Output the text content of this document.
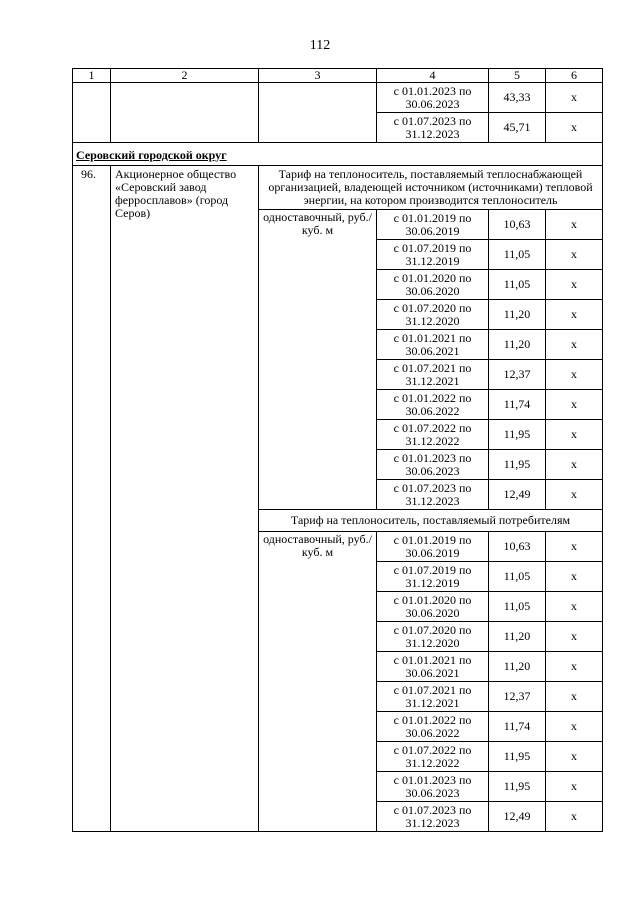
112
1	2	3	4	5	6
			с 01.01.2023 по 30.06.2023	43,33	х
			с 01.07.2023 по 31.12.2023	45,71	х
Серовский городской округ					
96.	Акционерное общество «Серовский завод ферросплавов» (город Серов)	Тариф на теплоноситель, поставляемый теплоснабжающей организацией, владеющей источником (источниками) тепловой энергии, на котором производится теплоноситель			
		одноставочный, руб./куб. м	с 01.01.2019 по 30.06.2019	10,63	х
			с 01.07.2019 по 31.12.2019	11,05	х
			с 01.01.2020 по 30.06.2020	11,05	х
			с 01.07.2020 по 31.12.2020	11,20	х
			с 01.01.2021 по 30.06.2021	11,20	х
			с 01.07.2021 по 31.12.2021	12,37	х
			с 01.01.2022 по 30.06.2022	11,74	х
			с 01.07.2022 по 31.12.2022	11,95	х
			с 01.01.2023 по 30.06.2023	11,95	х
			с 01.07.2023 по 31.12.2023	12,49	х
		Тариф на теплоноситель, поставляемый потребителям			
		одноставочный, руб./куб. м	с 01.01.2019 по 30.06.2019	10,63	х
			с 01.07.2019 по 31.12.2019	11,05	х
			с 01.01.2020 по 30.06.2020	11,05	х
			с 01.07.2020 по 31.12.2020	11,20	х
			с 01.01.2021 по 30.06.2021	11,20	х
			с 01.07.2021 по 31.12.2021	12,37	х
			с 01.01.2022 по 30.06.2022	11,74	х
			с 01.07.2022 по 31.12.2022	11,95	х
			с 01.01.2023 по 30.06.2023	11,95	х
			с 01.07.2023 по 31.12.2023	12,49	х
